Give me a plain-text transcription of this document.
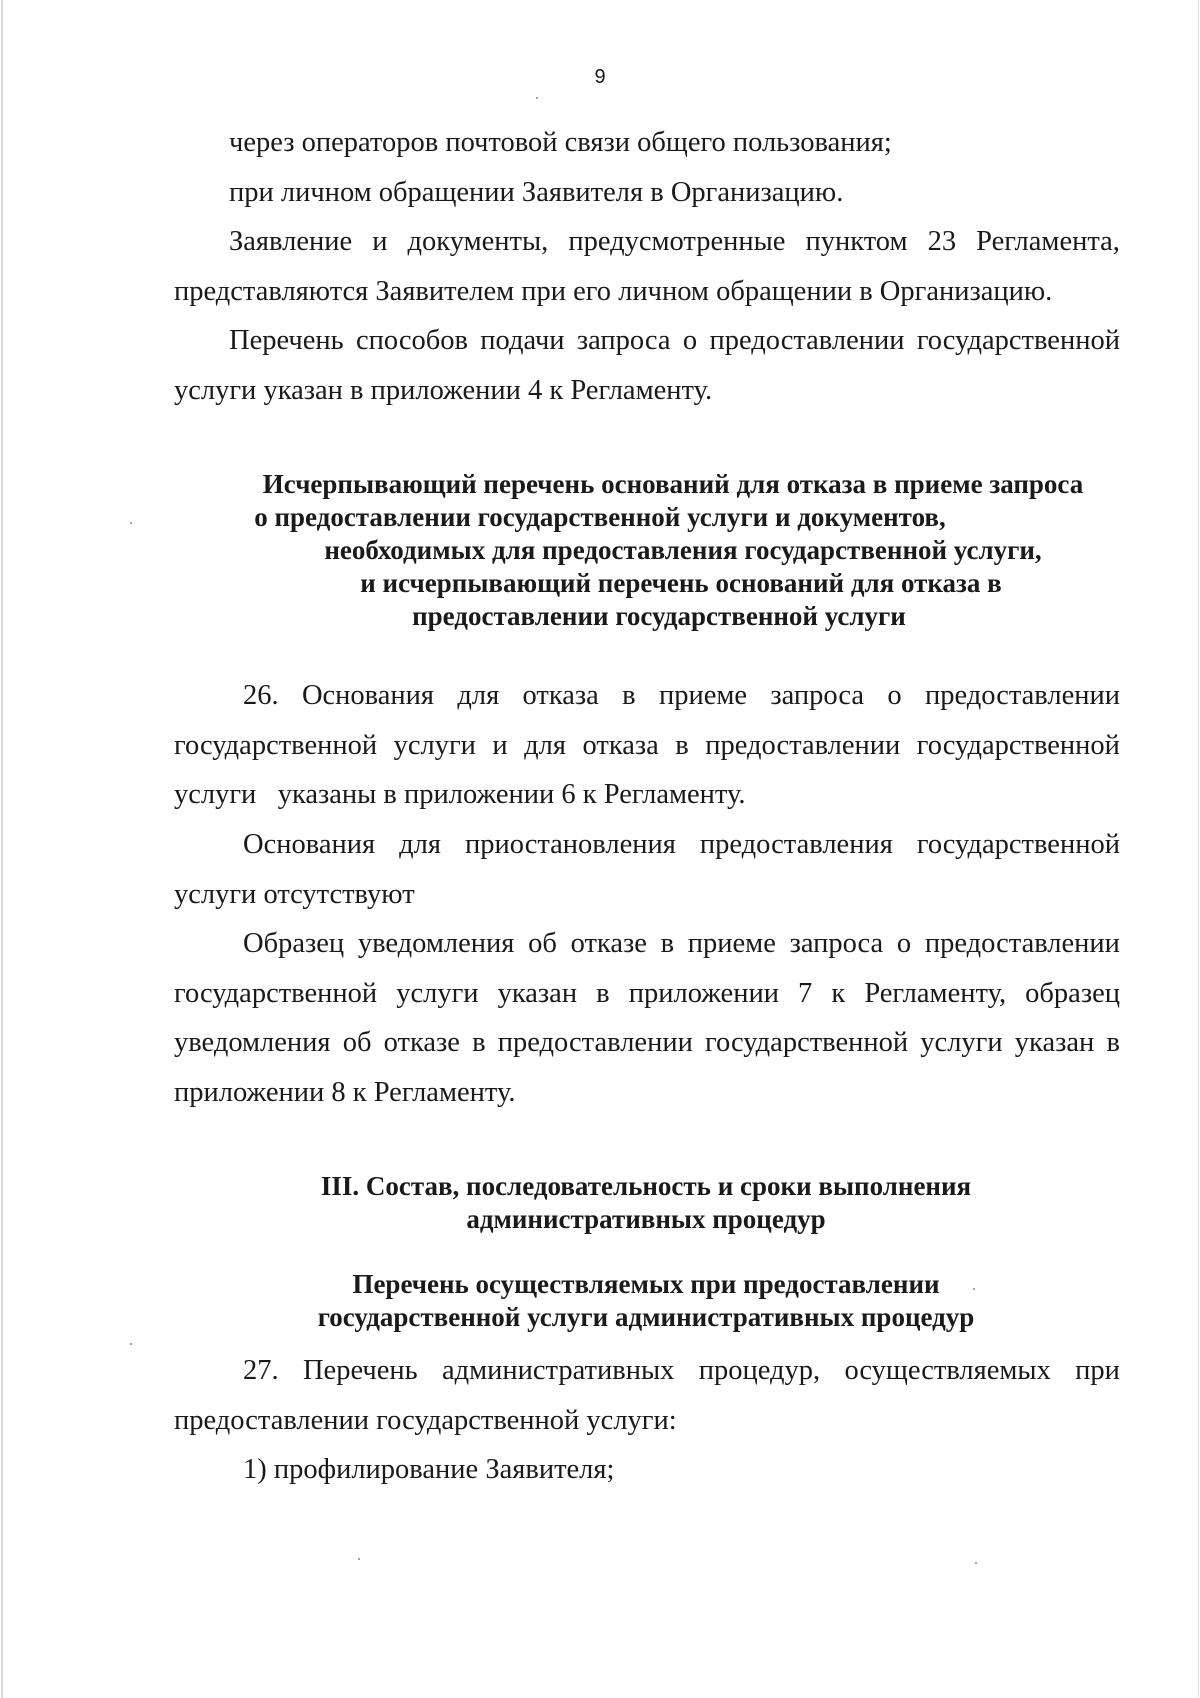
9
через операторов почтовой связи общего пользования;
при личном обращении Заявителя в Организацию.
Заявление и документы, предусмотренные пунктом 23 Регламента,
представляются Заявителем при его личном обращении в Организацию.
Перечень способов подачи запроса о предоставлении государственной
услуги указан в приложении 4 к Регламенту.
Исчерпывающий перечень оснований для отказа в приеме запроса
о предоставлении государственной услуги и документов,
необходимых для предоставления государственной услуги,
и исчерпывающий перечень оснований для отказа в
предоставлении государственной услуги
26. Основания для отказа в приеме запроса о предоставлении
государственной услуги и для отказа в предоставлении государственной
услуги   указаны в приложении 6 к Регламенту.
Основания для приостановления предоставления государственной
услуги отсутствуют
Образец уведомления об отказе в приеме запроса о предоставлении
государственной услуги указан в приложении 7 к Регламенту, образец
уведомления об отказе в предоставлении государственной услуги указан в
приложении 8 к Регламенту.
III. Состав, последовательность и сроки выполнения
административных процедур
Перечень осуществляемых при предоставлении
государственной услуги административных процедур
27. Перечень административных процедур, осуществляемых при
предоставлении государственной услуги:
1) профилирование Заявителя;
